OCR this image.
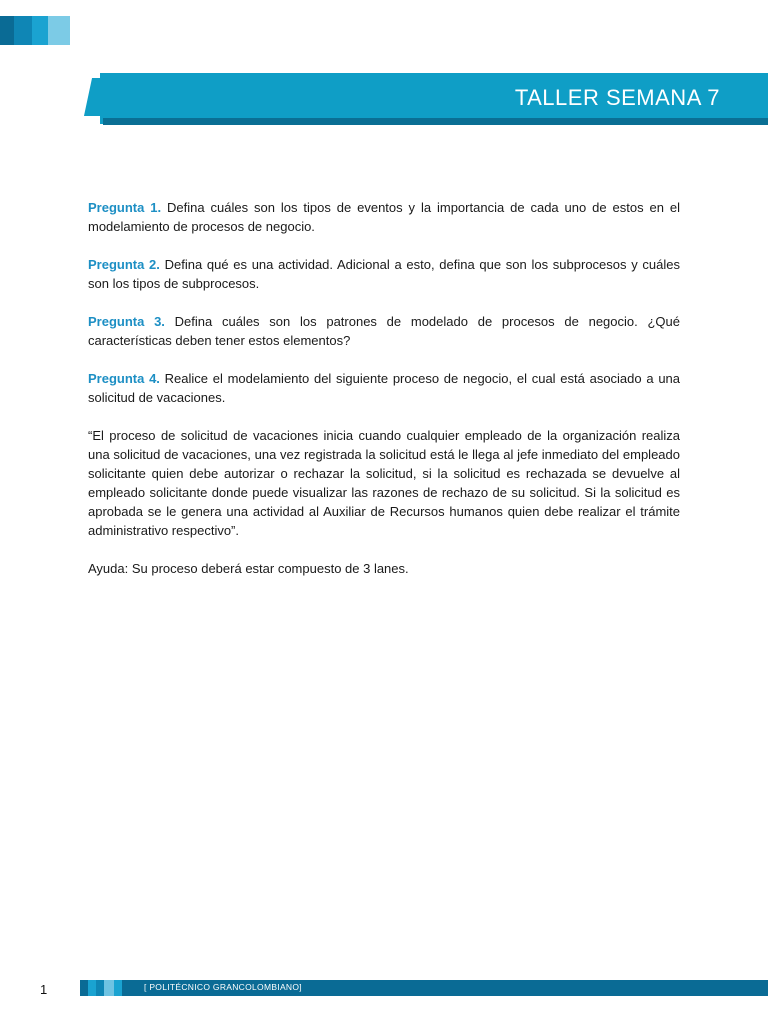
TALLER SEMANA 7

Pregunta 1. Defina cuáles son los tipos de eventos y la importancia de cada uno de estos en el modelamiento de procesos de negocio.

Pregunta 2. Defina qué es una actividad. Adicional a esto, defina que son los subprocesos y cuáles son los tipos de subprocesos.

Pregunta 3. Defina cuáles son los patrones de modelado de procesos de negocio. ¿Qué características deben tener estos elementos?

Pregunta 4. Realice el modelamiento del siguiente proceso de negocio, el cual está asociado a una solicitud de vacaciones.

“El proceso de solicitud de vacaciones inicia cuando cualquier empleado de la organización realiza una solicitud de vacaciones, una vez registrada la solicitud está le llega al jefe inmediato del empleado solicitante quien debe autorizar o rechazar la solicitud, si la solicitud es rechazada se devuelve al empleado solicitante donde puede visualizar las razones de rechazo de su solicitud. Si la solicitud es aprobada se le genera una actividad al Auxiliar de Recursos humanos quien debe realizar el trámite administrativo respectivo”.

Ayuda: Su proceso deberá estar compuesto de 3 lanes.

1	[ POLITÉCNICO GRANCOLOMBIANO]
